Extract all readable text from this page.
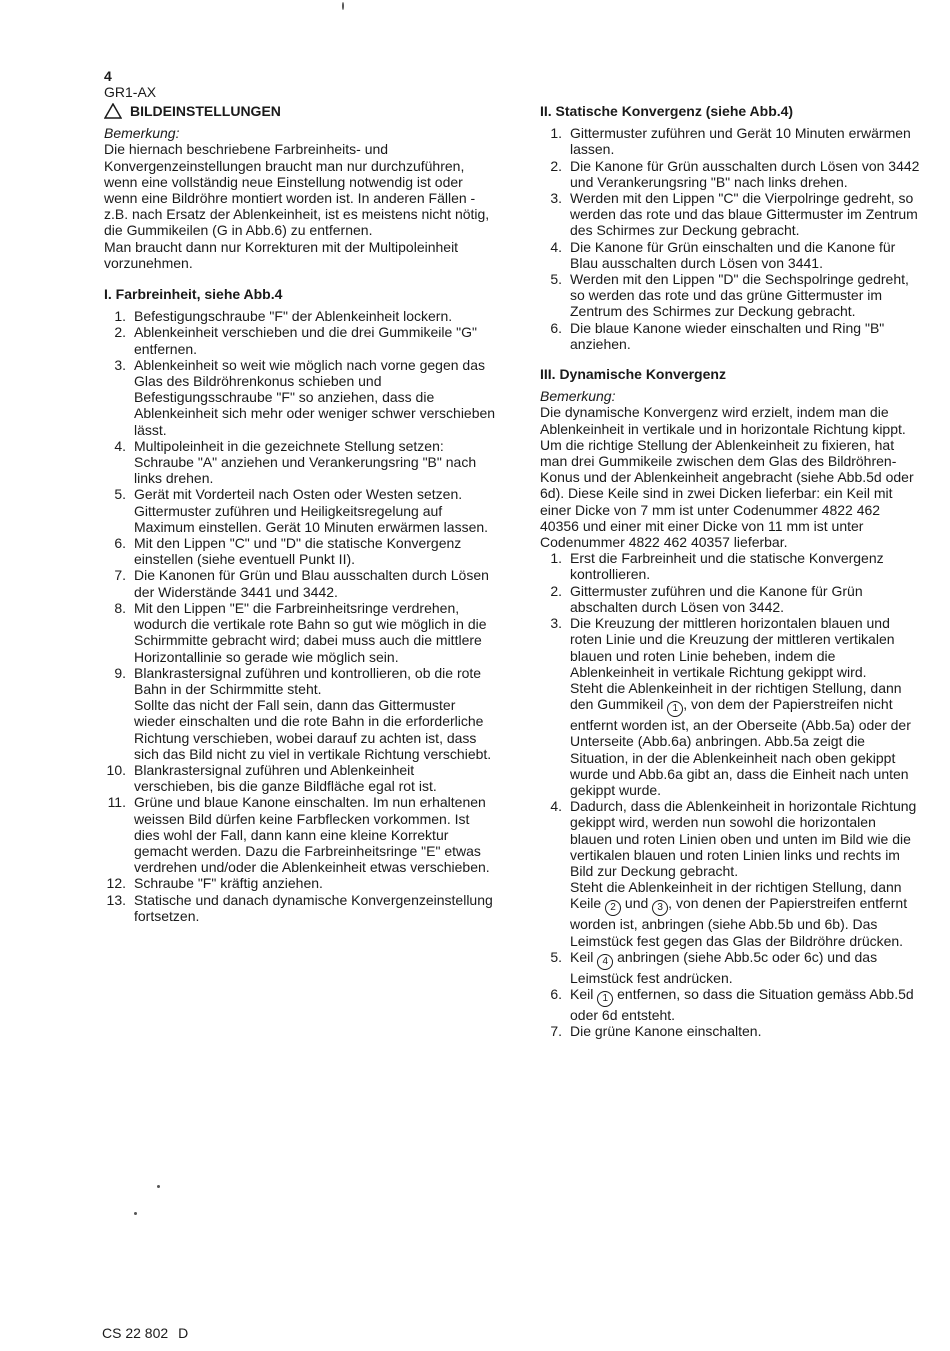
4
GR1-AX
BILDEINSTELLUNGEN

Bemerkung:

Die hiernach beschriebene Farbreinheits- und Konvergenzeinstellungen braucht man nur durchzuführen, wenn eine vollständig neue Einstellung notwendig ist oder wenn eine Bildröhre montiert worden ist. In anderen Fällen - z.B. nach Ersatz der Ablenkeinheit, ist es meistens nicht nötig, die Gummikeilen (G in Abb.6) zu entfernen.

Man braucht dann nur Korrekturen mit der Multipoleinheit vorzunehmen.

I. Farbreinheit, siehe Abb.4
1. Befestigungschraube "F" der Ablenkeinheit lockern.
2. Ablenkeinheit verschieben und die drei Gummikeile "G" entfernen.
3. Ablenkeinheit so weit wie möglich nach vorne gegen das Glas des Bildröhrenkonus schieben und Befestigungsschraube "F" so anziehen, dass die Ablenkeinheit sich mehr oder weniger schwer verschieben lässt.
4. Multipoleinheit in die gezeichnete Stellung setzen: Schraube "A" anziehen und Verankerungsring "B" nach links drehen.
5. Gerät mit Vorderteil nach Osten oder Westen setzen. Gittermuster zuführen und Heiligkeitsregelung auf Maximum einstellen. Gerät 10 Minuten erwärmen lassen.
6. Mit den Lippen "C" und "D" die statische Konvergenz einstellen (siehe eventuell Punkt II).
7. Die Kanonen für Grün und Blau ausschalten durch Lösen der Widerstände 3441 und 3442.
8. Mit den Lippen "E" die Farbreinheitsringe verdrehen, wodurch die vertikale rote Bahn so gut wie möglich in die Schirmmitte gebracht wird; dabei muss auch die mittlere Horizontallinie so gerade wie möglich sein.
9. Blankrastersignal zuführen und kontrollieren, ob die rote Bahn in der Schirmmitte steht.
Sollte das nicht der Fall sein, dann das Gittermuster wieder einschalten und die rote Bahn in die erforderliche Richtung verschieben, wobei darauf zu achten ist, dass sich das Bild nicht zu viel in vertikale Richtung verschiebt.
10. Blankrastersignal zuführen und Ablenkeinheit verschieben, bis die ganze Bildfläche egal rot ist.
11. Grüne und blaue Kanone einschalten. Im nun erhaltenen weissen Bild dürfen keine Farbflecken vorkommen. Ist dies wohl der Fall, dann kann eine kleine Korrektur gemacht werden. Dazu die Farbreinheitsringe "E" etwas verdrehen und/oder die Ablenkeinheit etwas verschieben.
12. Schraube "F" kräftig anziehen.
13. Statische und danach dynamische Konvergenzeinstellung fortsetzen.
II. Statische Konvergenz (siehe Abb.4)
1. Gittermuster zuführen und Gerät 10 Minuten erwärmen lassen.
2. Die Kanone für Grün ausschalten durch Lösen von 3442 und Verankerungsring "B" nach links drehen.
3. Werden mit den Lippen "C" die Vierpolringe gedreht, so werden das rote und das blaue Gittermuster im Zentrum des Schirmes zur Deckung gebracht.
4. Die Kanone für Grün einschalten und die Kanone für Blau ausschalten durch Lösen von 3441.
5. Werden mit den Lippen "D" die Sechspolringe gedreht, so werden das rote und das grüne Gittermuster im Zentrum des Schirmes zur Deckung gebracht.
6. Die blaue Kanone wieder einschalten und Ring "B" anziehen.
III. Dynamische Konvergenz

Bemerkung:

Die dynamische Konvergenz wird erzielt, indem man die Ablenkeinheit in vertikale und in horizontale Richtung kippt. Um die richtige Stellung der Ablenkeinheit zu fixieren, hat man drei Gummikeile zwischen dem Glas des Bildröhren-Konus und der Ablenkeinheit angebracht (siehe Abb.5d oder 6d). Diese Keile sind in zwei Dicken lieferbar: ein Keil mit einer Dicke von 7 mm ist unter Codenummer 4822 462 40356 und einer mit einer Dicke von 11 mm ist unter Codenummer 4822 462 40357 lieferbar.

1. Erst die Farbreinheit und die statische Konvergenz kontrollieren.
2. Gittermuster zuführen und die Kanone für Grün abschalten durch Lösen von 3442.
3. Die Kreuzung der mittleren horizontalen blauen und roten Linie und die Kreuzung der mittleren vertikalen blauen und roten Linie beheben, indem die Ablenkeinheit in vertikale Richtung gekippt wird.
Steht die Ablenkeinheit in der richtigen Stellung, dann den Gummikeil 1 , von dem der Papierstreifen nicht entfernt worden ist, an der Oberseite (Abb.5a) oder der Unterseite (Abb.6a) anbringen. Abb.5a zeigt die Situation, in der die Ablenkeinheit nach oben gekippt wurde und Abb.6a gibt an, dass die Einheit nach unten gekippt wurde.
4. Dadurch, dass die Ablenkeinheit in horizontale Richtung gekippt wird, werden nun sowohl die horizontalen blauen und roten Linien oben und unten im Bild wie die vertikalen blauen und roten Linien links und rechts im Bild zur Deckung gebracht.
Steht die Ablenkeinheit in der richtigen Stellung, dann Keile 2 und 3 , von denen der Papierstreifen entfernt worden ist, anbringen (siehe Abb.5b und 6b). Das Leimstück fest gegen das Glas der Bildröhre drücken.
5. Keil 4 anbringen (siehe Abb.5c oder 6c) und das Leimstück fest andrücken.
6. Keil 1 entfernen, so dass die Situation gemäss Abb.5d oder 6d entsteht.
7. Die grüne Kanone einschalten.
CS 22 802 D
